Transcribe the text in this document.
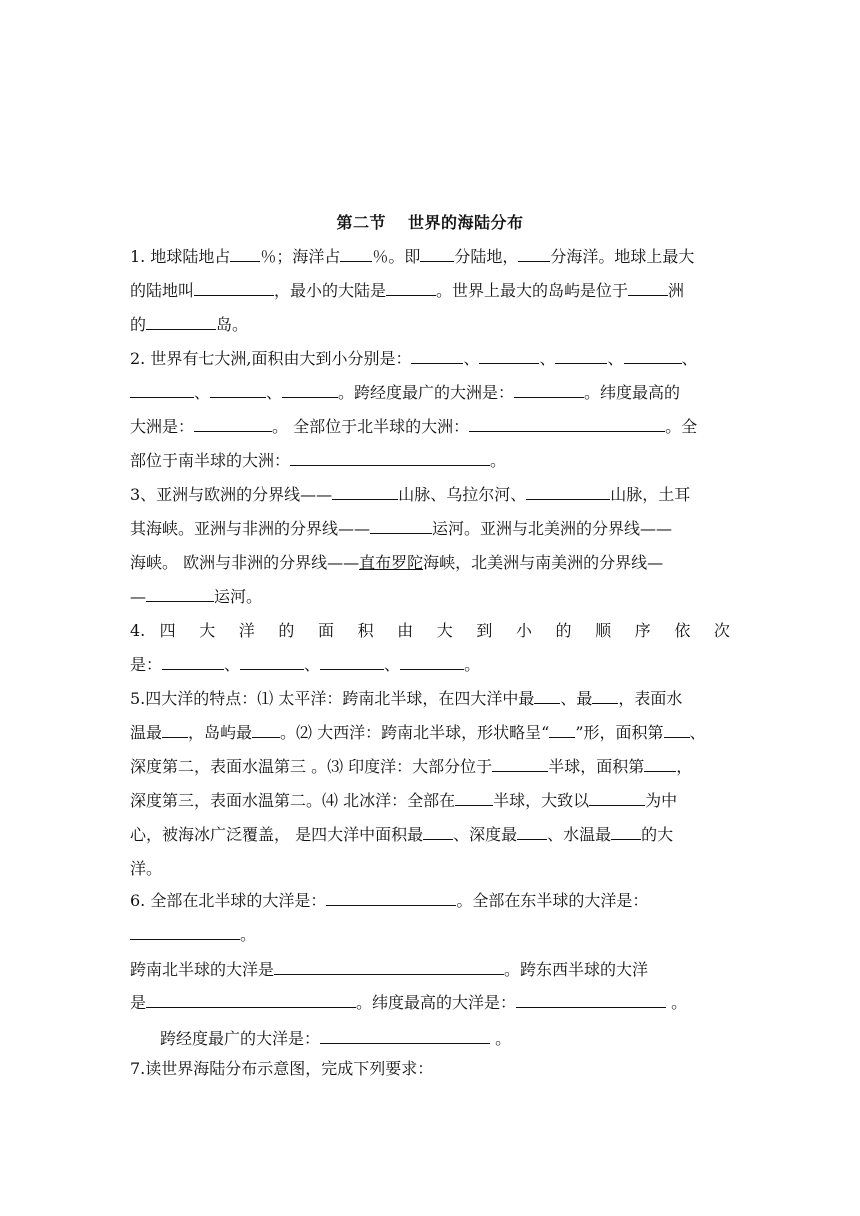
第二节 世界的海陆分布
1. 地球陆地占 ％；海洋占 ％。即 分陆地， 分海洋。地球上最大
的陆地叫	，最小的大陆是	。世界上最大的岛屿是位于	洲
的	岛。
2. 世界有七大洲,面积由大到小分别是：	、	、	、	、
、	、	。跨经度最广的大洲是：	。纬度最高的
大洲是：	。 全部位于北半球的大洲：	。全
部位于南半球的大洲：	。
3、亚洲与欧洲的分界线——	山脉、乌拉尔河、	山脉，土耳
其海峡。亚洲与非洲的分界线——	运河。亚洲与北美洲的分界线——
海峡。 欧洲与非洲的分界线——直布罗陀海峡，北美洲与南美洲的分界线—
—	运河。
4. 四 大 洋 的 面 积 由 大 到 小 的 顺 序 依 次
是：	、	、	、	。
5.四大洋的特点：⑴ 太平洋：跨南北半球，在四大洋中最 、最 ，表面水
温最 ，岛屿最 。⑵ 大西洋：跨南北半球，形状略呈“ ”形，面积第 、
深度第二，表面水温第三 。⑶ 印度洋：大部分位于	半球，面积第 ，
深度第三，表面水温第二。⑷ 北冰洋：全部在 半球，大致以	为中
心，被海冰广泛覆盖， 是四大洋中面积最 、深度最 、水温最 的大
洋。
6. 全部在北半球的大洋是：	。全部在东半球的大洋是：
。
跨南北半球的大洋是	。跨东西半球的大洋
是	。纬度最高的大洋是：	。
跨经度最广的大洋是：	。
7.读世界海陆分布示意图，完成下列要求：
